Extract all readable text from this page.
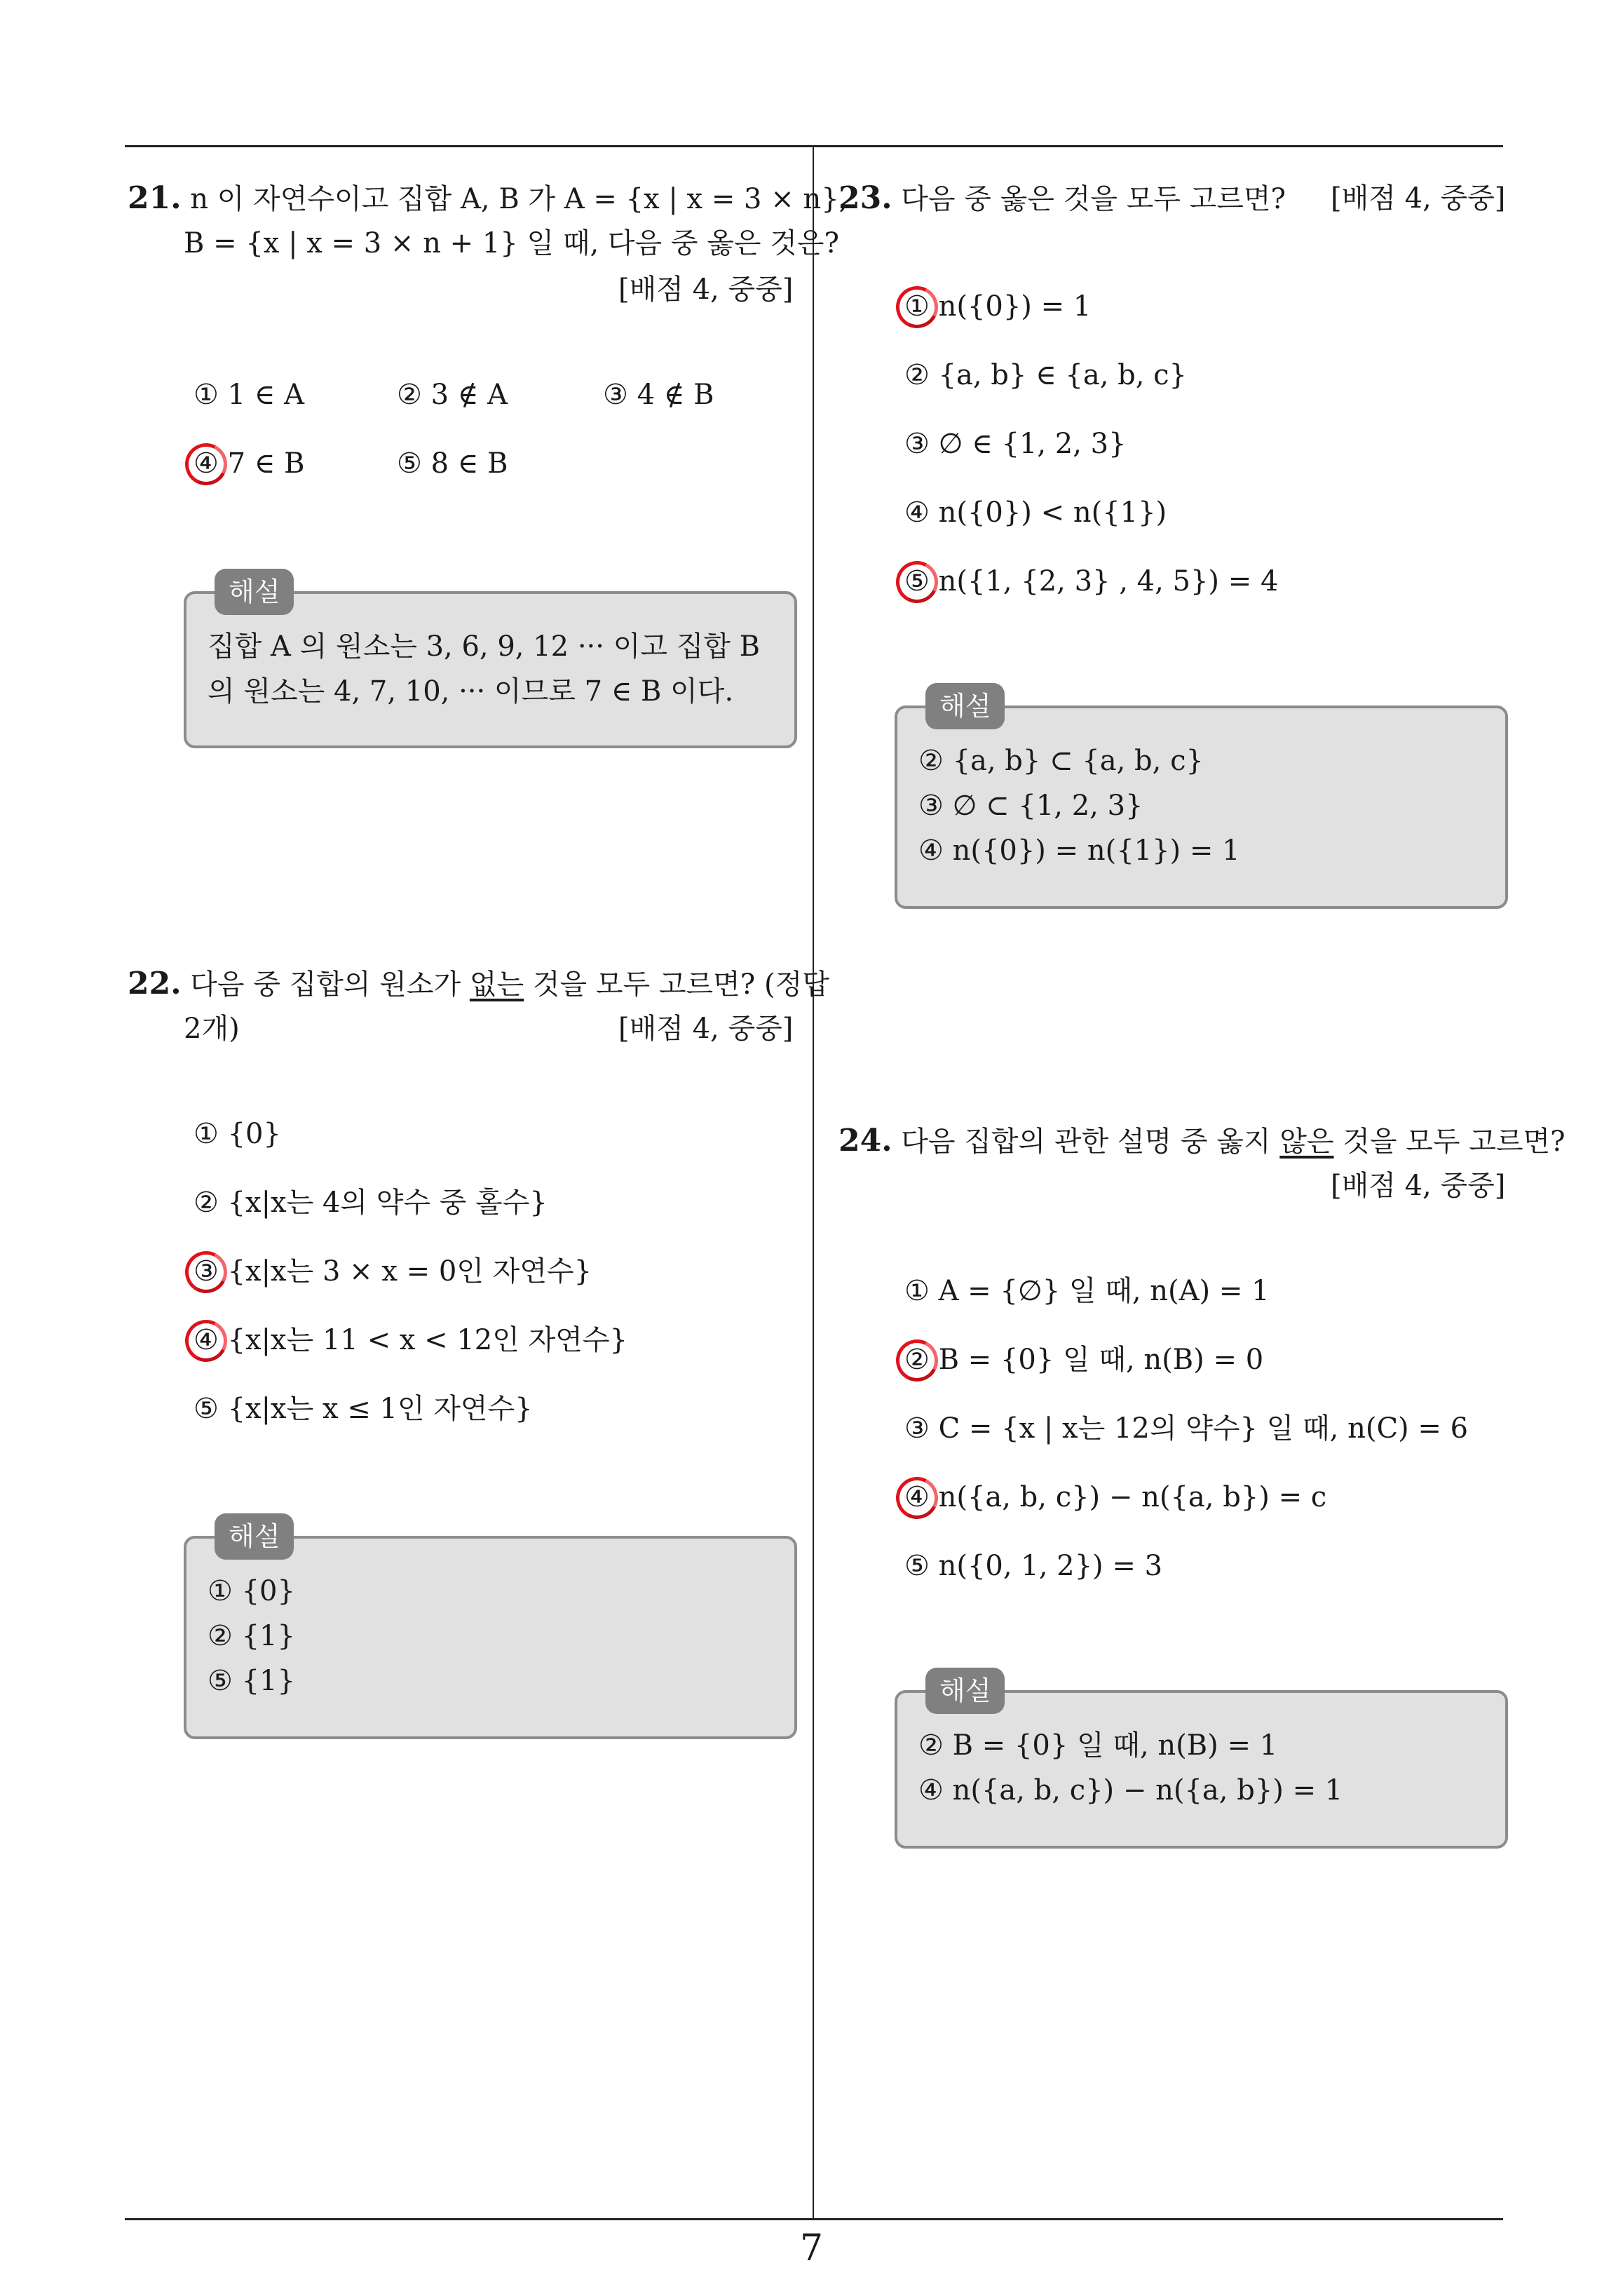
21. n 이 자연수이고 집합 A, B 가 A = {x | x = 3 × n},
B = {x | x = 3 × n + 1} 일 때, 다음 중 옳은 것은?
[배점 4, 중중]
① 1 ∈ A	② 3 ∉ A	③ 4 ∉ B
④ 7 ∈ B	⑤ 8 ∈ B
해설
집합 A 의 원소는 3, 6, 9, 12 ··· 이고 집합 B
의 원소는 4, 7, 10, ··· 이므로 7 ∈ B 이다.
22. 다음 중 집합의 원소가 없는 것을 모두 고르면? (정답
2개)	[배점 4, 중중]
① {0}
② {x|x는 4의 약수 중 홀수}
③ {x|x는 3 × x = 0인 자연수}
④ {x|x는 11 < x < 12인 자연수}
⑤ {x|x는 x ≤ 1인 자연수}
해설
① {0}
② {1}
⑤ {1}
23. 다음 중 옳은 것을 모두 고르면? [배점 4, 중중]
① n({0}) = 1
② {a, b} ∈ {a, b, c}
③ ∅ ∈ {1, 2, 3}
④ n({0}) < n({1})
⑤ n({1, {2, 3} , 4, 5}) = 4
해설
② {a, b} ⊂ {a, b, c}
③ ∅ ⊂ {1, 2, 3}
④ n({0}) = n({1}) = 1
24. 다음 집합의 관한 설명 중 옳지 않은 것을 모두 고르면?
[배점 4, 중중]
① A = {∅} 일 때, n(A) = 1
② B = {0} 일 때, n(B) = 0
③ C = {x | x는 12의 약수} 일 때, n(C) = 6
④ n({a, b, c}) − n({a, b}) = c
⑤ n({0, 1, 2}) = 3
해설
② B = {0} 일 때, n(B) = 1
④ n({a, b, c}) − n({a, b}) = 1
7
